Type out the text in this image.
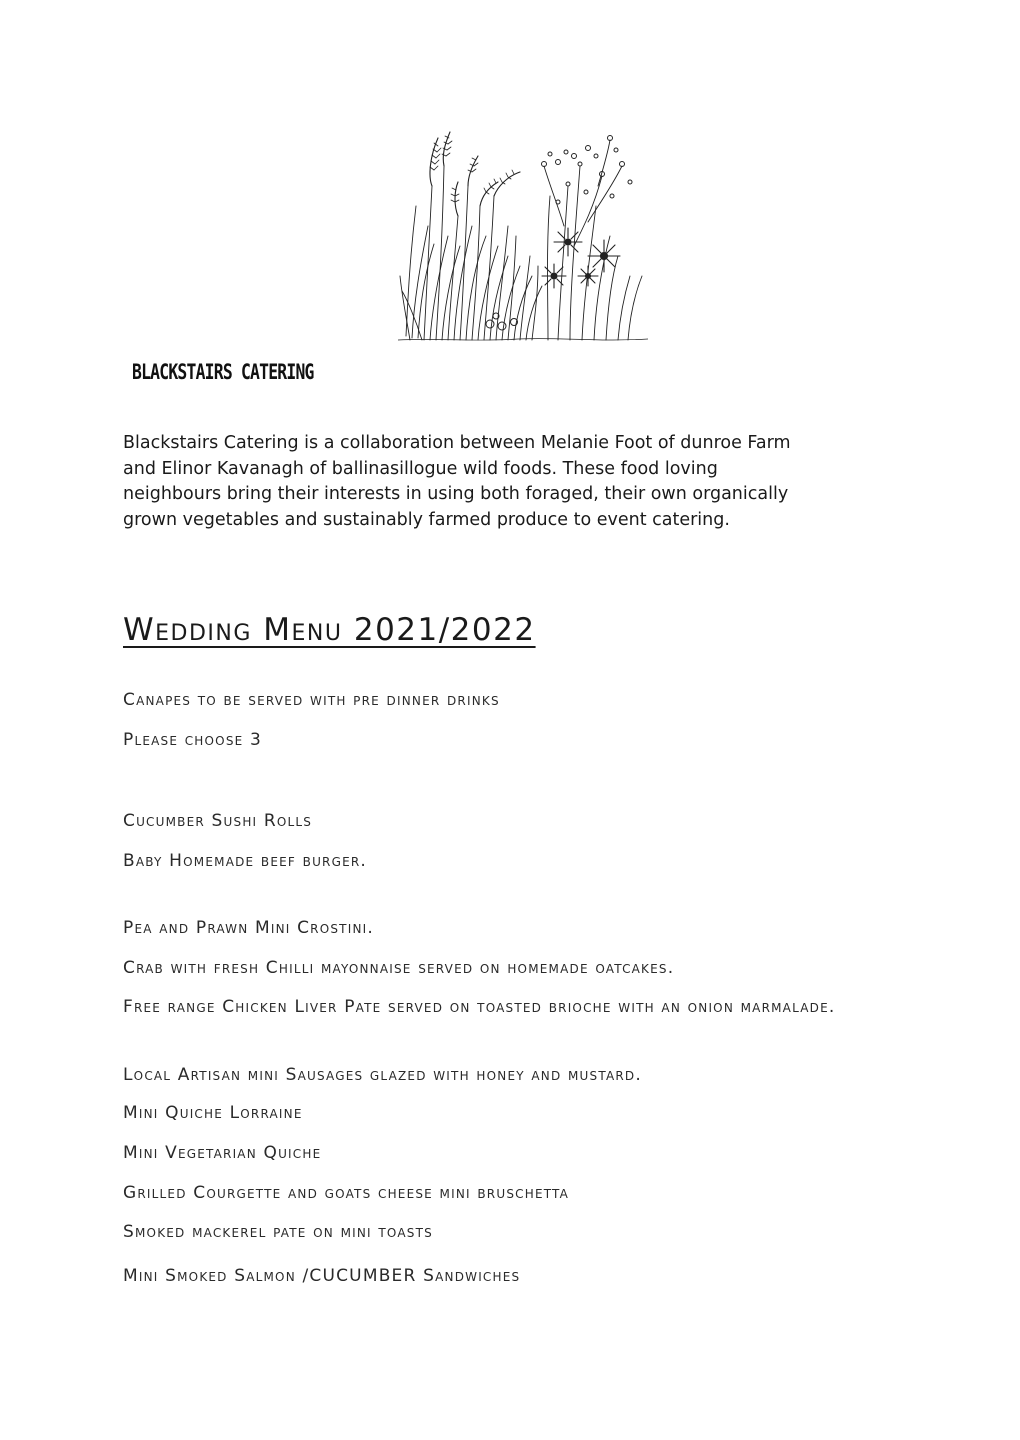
BLACKSTAIRS CATERING

Blackstairs Catering is a collaboration between Melanie Foot of dunroe Farm

and Elinor Kavanagh of ballinasillogue wild foods. These food loving

neighbours bring their interests in using both foraged, their own organically

grown vegetables and sustainably farmed produce to event catering.

Wedding Menu 2021/2022

Canapes to be served with pre dinner drinks

Please choose 3

Cucumber Sushi Rolls

Baby Homemade beef burger.

Pea and Prawn Mini Crostini.

Crab with fresh Chilli mayonnaise served on homemade oatcakes.

Free range Chicken Liver Pate served on toasted brioche with an onion marmalade.

Local Artisan mini Sausages glazed with honey and mustard.

Mini Quiche Lorraine

Mini Vegetarian Quiche

Grilled Courgette and goats cheese mini bruschetta

Smoked mackerel pate on mini toasts

Mini Smoked Salmon /CUCUMBER Sandwiches
